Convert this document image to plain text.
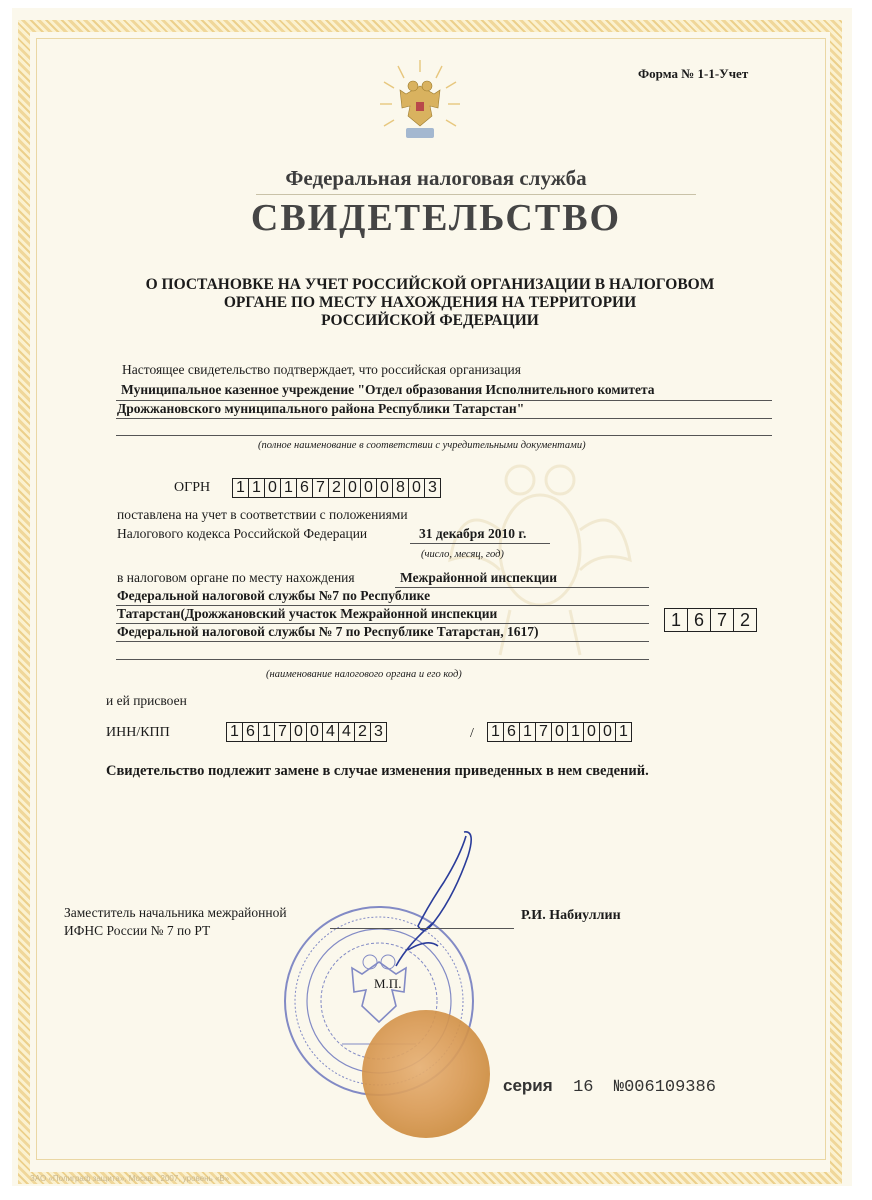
Форма № 1-1-Учет
Федеральная налоговая служба
СВИДЕТЕЛЬСТВО
О ПОСТАНОВКЕ НА УЧЕТ РОССИЙСКОЙ ОРГАНИЗАЦИИ В НАЛОГОВОМ
ОРГАНЕ ПО МЕСТУ НАХОЖДЕНИЯ НА ТЕРРИТОРИИ
РОССИЙСКОЙ ФЕДЕРАЦИИ
Настоящее свидетельство подтверждает, что российская организация
Муниципальное казенное учреждение "Отдел образования Исполнительного комитета
Дрожжановского муниципального района Республики Татарстан"
(полное наименование в соответствии с учредительными документами)
ОГРН 1 1 0 1 6 7 2 0 0 0 8 0 3
поставлена на учет в соответствии с положениями
Налогового кодекса Российской Федерации	31 декабря 2010 г.
(число, месяц, год)
в налоговом органе по месту нахождения	Межрайонной инспекции
Федеральной налоговой службы №7 по Республике
Татарстан(Дрожжановский участок Межрайонной инспекции
Федеральной налоговой службы № 7 по Республике Татарстан, 1617)
1 6 7 2
(наименование налогового органа и его код)
и ей присвоен
ИНН/КПП	1 6 1 7 0 0 4 4 2 3	/ 1 6 1 7 0 1 0 0 1
Свидетельство подлежит замене в случае изменения приведенных в нем сведений.
Заместитель начальника межрайонной
ИФНС России № 7 по РТ
Р.И. Набиуллин
М.П.
серия 16 №006109386
ЗАО «Полиграф защита», Москва, 2007, уровень «В»
